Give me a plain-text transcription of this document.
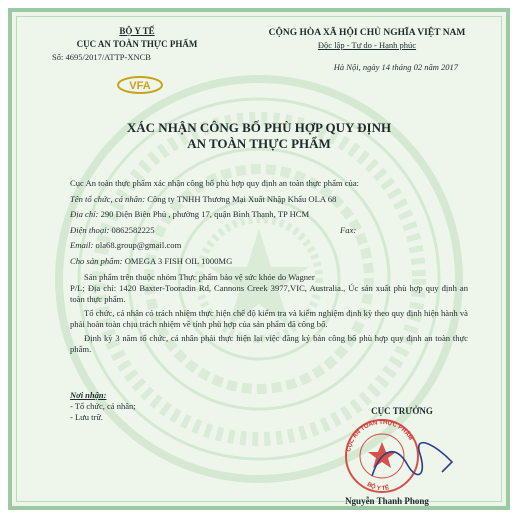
BỘ Y TẾ
CỤC AN TOÀN THỰC PHẨM
Số: 4695/2017/ATTP-XNCB
VFA
CỘNG HÒA XÃ HỘI CHỦ NGHĨA VIỆT NAM
Độc lập - Tự do - Hạnh phúc
Hà Nội, ngày 14 tháng 02 năm 2017
XÁC NHẬN CÔNG BỐ PHÙ HỢP QUY ĐỊNH
AN TOÀN THỰC PHẨM
Cục An toàn thực phẩm xác nhận công bố phù hợp quy định an toàn thực phẩm của:
Tên tổ chức, cá nhân: Công ty TNHH Thương Mại Xuất Nhập Khẩu OLA 68
Địa chỉ: 290 Điện Biên Phủ , phường 17, quận Bình Thạnh, TP HCM
Điện thoại: 0862582225	Fax:
Email: ola68.group@gmail.com
Cho sản phẩm: OMEGA 3 FISH OIL 1000MG
Sản phẩm trên thuộc nhóm Thực phẩm bảo vệ sức khỏe do Wagner
P/L; Địa chỉ: 1420 Baxter-Tooradin Rd, Cannons Creek 3977,VIC, Australia., Úc sản xuất phù hợp quy định an toàn thực phẩm.
Tổ chức, cá nhân có trách nhiệm thực hiện chế độ kiểm tra và kiểm nghiệm định kỳ theo quy định hiện hành và phải hoàn toàn chịu trách nhiệm về tính phù hợp của sản phẩm đã công bố.
Định kỳ 3 năm tổ chức, cá nhân phải thực hiện lại việc đăng ký bản công bố phù hợp quy định an toàn thực phẩm.
Nơi nhận:
- Tổ chức, cá nhân;
- Lưu trữ.
CỤC TRƯỞNG
CỤC AN TOÀN THỰC PHẨM
BỘ Y TẾ
Nguyễn Thanh Phong
